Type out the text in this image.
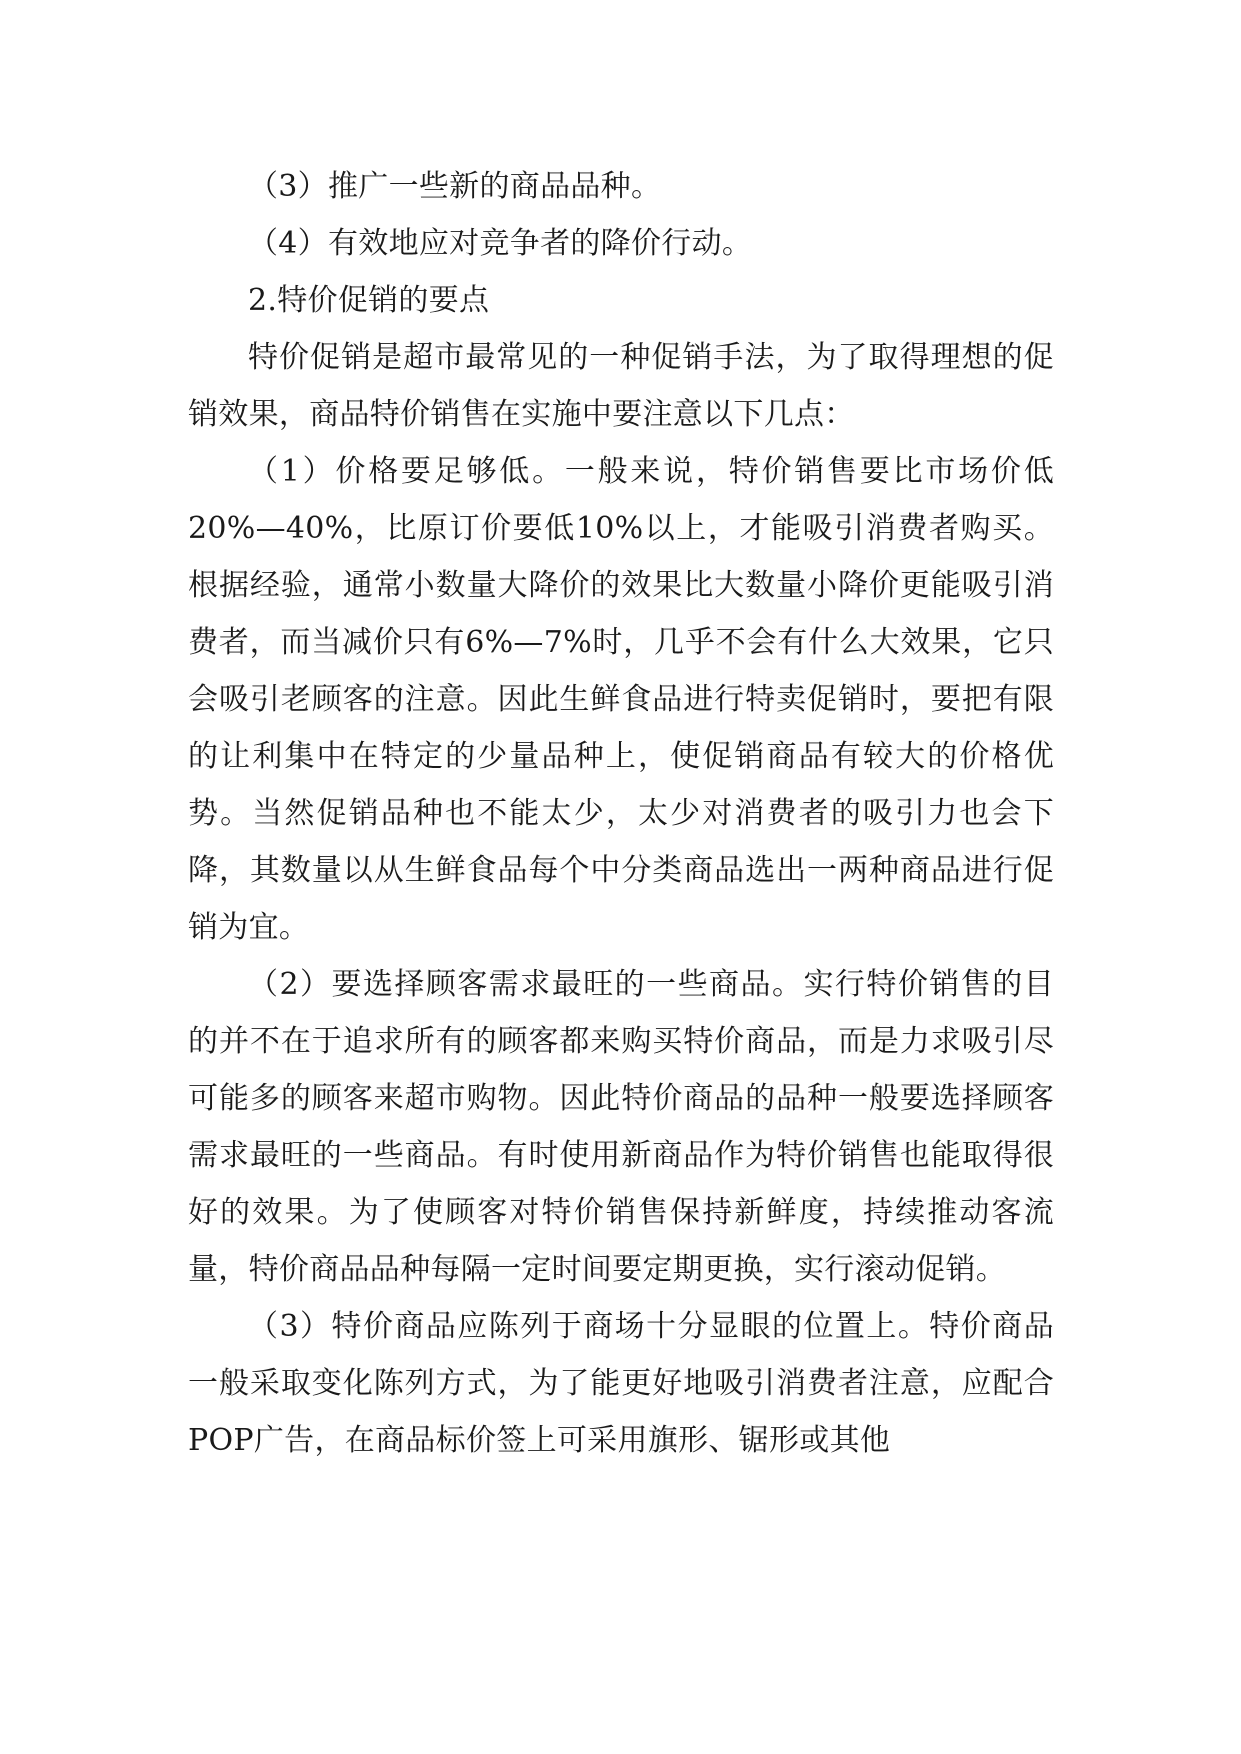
（3）推广一些新的商品品种。

（4）有效地应对竞争者的降价行动。

2.特价促销的要点

特价促销是超市最常见的一种促销手法，为了取得理想的促销效果，商品特价销售在实施中要注意以下几点：

（1）价格要足够低。一般来说，特价销售要比市场价低20%—40%，比原订价要低10%以上，才能吸引消费者购买。根据经验，通常小数量大降价的效果比大数量小降价更能吸引消费者，而当减价只有6%—7%时，几乎不会有什么大效果，它只会吸引老顾客的注意。因此生鲜食品进行特卖促销时，要把有限的让利集中在特定的少量品种上，使促销商品有较大的价格优势。当然促销品种也不能太少，太少对消费者的吸引力也会下降，其数量以从生鲜食品每个中分类商品选出一两种商品进行促销为宜。

（2）要选择顾客需求最旺的一些商品。实行特价销售的目的并不在于追求所有的顾客都来购买特价商品，而是力求吸引尽可能多的顾客来超市购物。因此特价商品的品种一般要选择顾客需求最旺的一些商品。有时使用新商品作为特价销售也能取得很好的效果。为了使顾客对特价销售保持新鲜度，持续推动客流量，特价商品品种每隔一定时间要定期更换，实行滚动促销。

（3）特价商品应陈列于商场十分显眼的位置上。特价商品一般采取变化陈列方式，为了能更好地吸引消费者注意，应配合POP广告，在商品标价签上可采用旗形、锯形或其他
